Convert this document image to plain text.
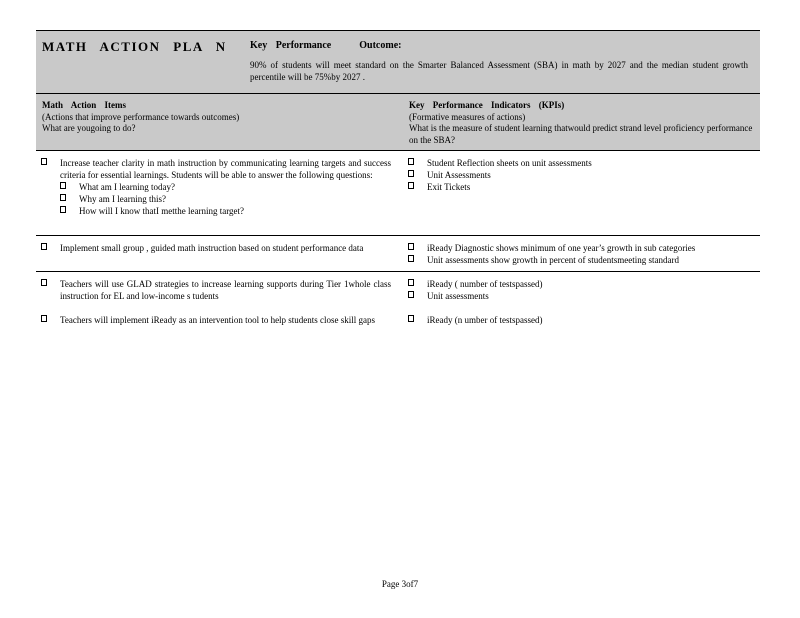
MATH ACTION PLA N Key Performance	Outcome:
90% of students will meet standard on the Smarter Balanced Assessment (SBA) in math by 2027 and the median student growth percentile will be 75%by 2027 .
Math Action Items
(Actions that improve performance towards outcomes)
What are yougoing to do?
Key Performance Indicators (KPIs)
(Formative measures of actions)
What is the measure of student learning thatwould predict strand level proficiency performance on the SBA?
Increase teacher clarity in math instruction by communicating learning targets and success criteria for essential learnings. Students will be able to answer the following questions:
What am I learning today?
Why am I learning this?
How will I know thatI metthe learning target?
Student Reflection sheets on unit assessments
Unit Assessments
Exit Tickets
Implement small group , guided math instruction based on student performance data	iReady Diagnostic shows minimum of one year’s growth in sub categories
Unit assessments show growth in percent of studentsmeeting standard
Teachers will use GLAD strategies to increase learning supports during Tier 1whole class instruction for EL and low-income s tudents
Teachers will implement iReady as an intervention tool to help students close skill gaps
iReady ( number of testspassed)
Unit assessments
iReady (n umber of testspassed)
Page 3of7
